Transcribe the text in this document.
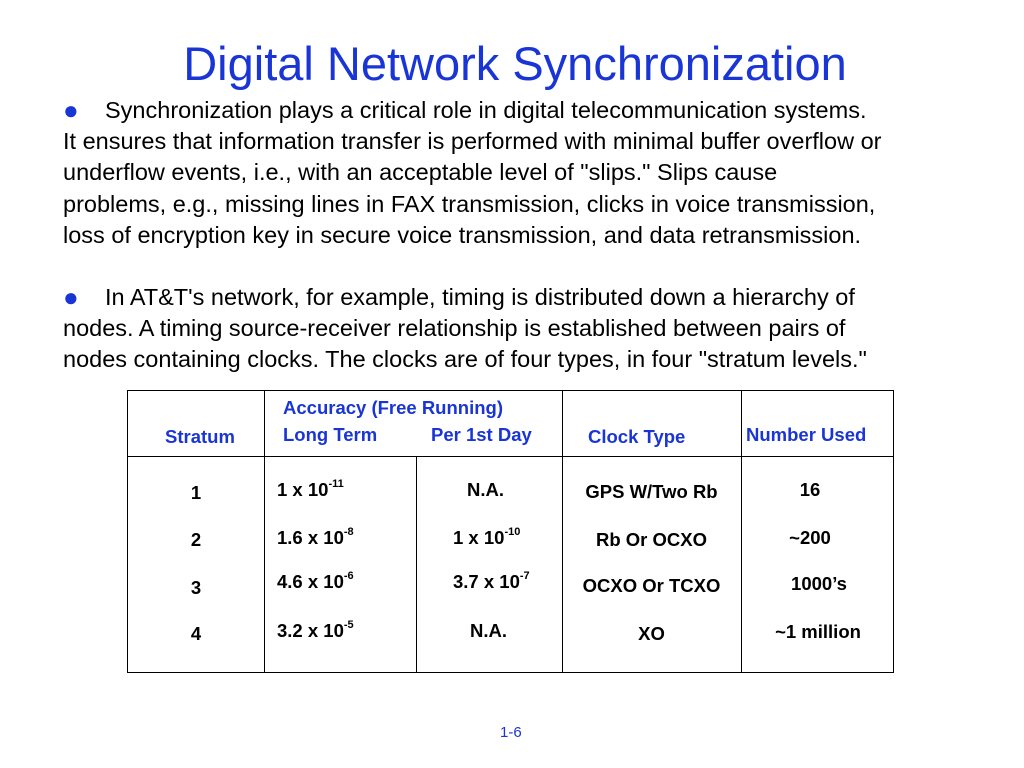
Digital Network Synchronization
● Synchronization plays a critical role in digital telecommunication systems.
It ensures that information transfer is performed with minimal buffer overflow or
underflow events, i.e., with an acceptable level of "slips." Slips cause
problems, e.g., missing lines in FAX transmission, clicks in voice transmission,
loss of encryption key in secure voice transmission, and data retransmission.
● In AT&T's network, for example, timing is distributed down a hierarchy of
nodes. A timing source-receiver relationship is established between pairs of
nodes containing clocks. The clocks are of four types, in four "stratum levels."
Accuracy (Free Running)
Stratum	Long Term	Per 1st Day	Clock Type	Number Used
1	1 x $10^{-11}$	N.A.	GPS W/Two Rb	16
2	1.6 x $10^{-8}$	1 x $10^{-10}$	Rb Or OCXO	~200
3	4.6 x $10^{-6}$	3.7 x $10^{-7}$	OCXO Or TCXO	1000’s
4	3.2 x $10^{-5}$	N.A.	XO	~1 million
1-6
